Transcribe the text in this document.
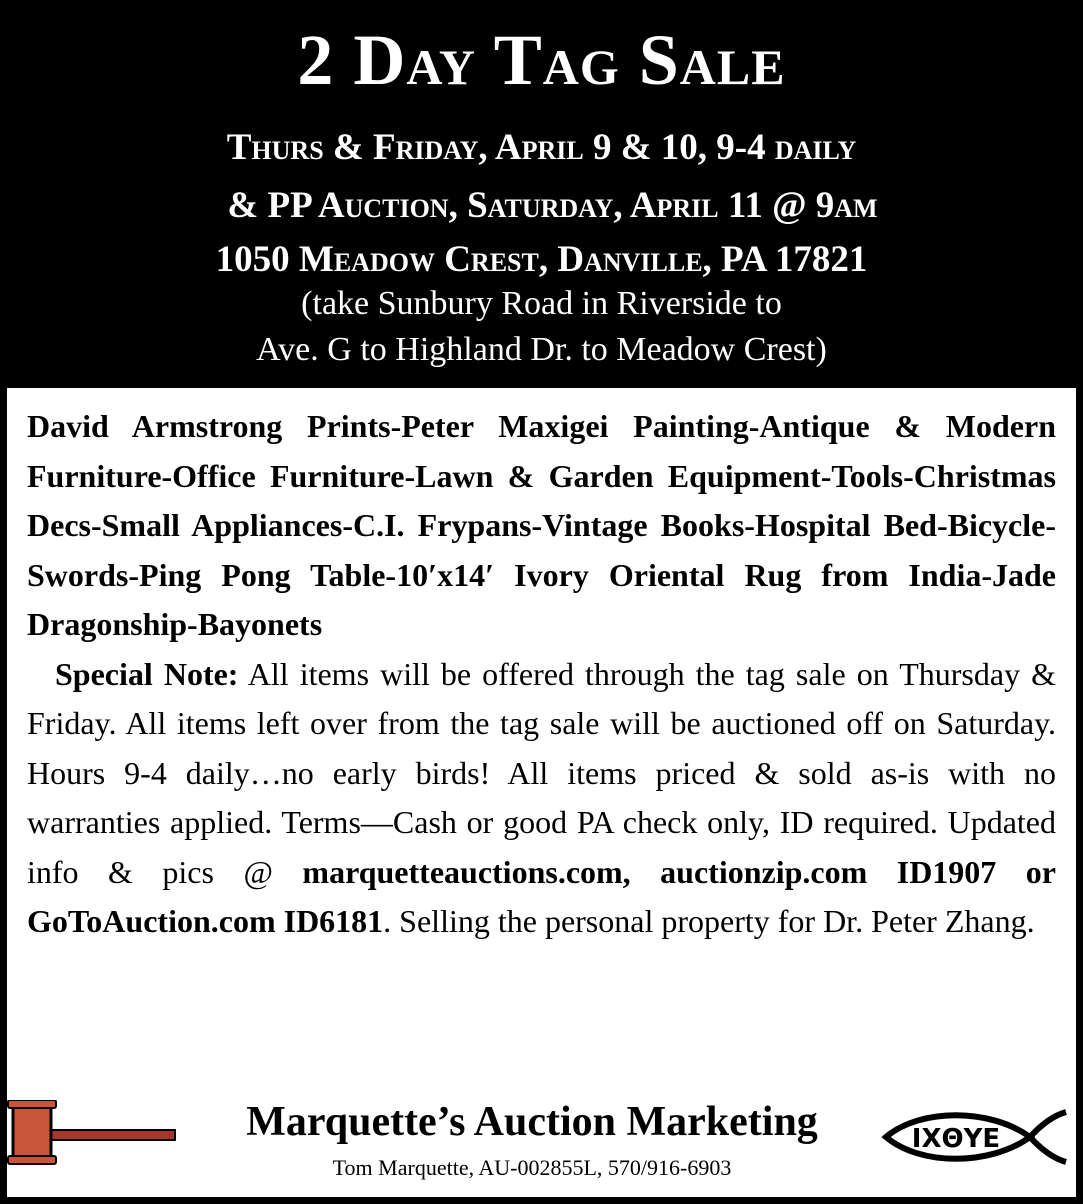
2 Day Tag Sale
Thurs & Friday, April 9 & 10, 9-4 daily
& PP Auction, Saturday, April 11 @ 9am
1050 Meadow Crest, Danville, PA 17821
(take Sunbury Road in Riverside to
Ave. G to Highland Dr. to Meadow Crest)

David Armstrong Prints-Peter Maxigei Painting-Antique & Modern Furniture-Office Furniture-Lawn & Garden Equipment-Tools-Christmas Decs-Small Appliances-C.I. Frypans-Vintage Books-Hospital Bed-Bicycle-Swords-Ping Pong Table-10′x14′ Ivory Oriental Rug from India-Jade Dragonship-Bayonets

Special Note: All items will be offered through the tag sale on Thursday & Friday. All items left over from the tag sale will be auctioned off on Saturday. Hours 9-4 daily…no early birds! All items priced & sold as-is with no warranties applied. Terms—Cash or good PA check only, ID required. Updated info & pics @ marquetteauctions.com, auctionzip.com ID1907 or GoToAuction.com ID6181. Selling the personal property for Dr. Peter Zhang.

Marquette’s Auction Marketing
Tom Marquette, AU-002855L, 570/916-6903
IXΘYE
